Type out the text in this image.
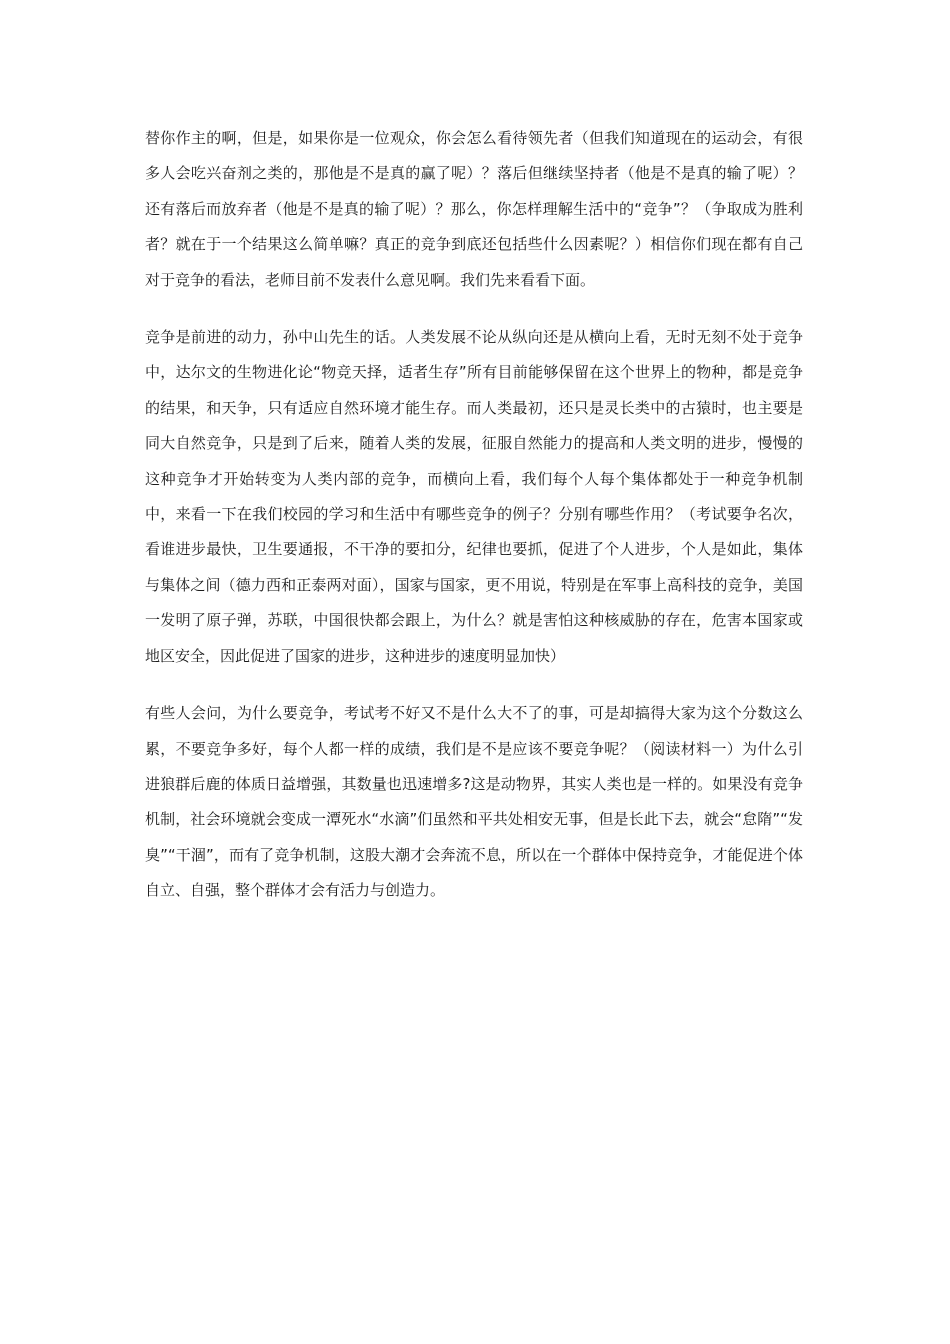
替你作主的啊，但是，如果你是一位观众，你会怎么看待领先者（但我们知道现在的运动会，有很多人会吃兴奋剂之类的，那他是不是真的赢了呢）？落后但继续坚持者（他是不是真的输了呢）？还有落后而放弃者（他是不是真的输了呢）？那么，你怎样理解生活中的“竞争”？（争取成为胜利者？就在于一个结果这么简单嘛？真正的竞争到底还包括些什么因素呢？）相信你们现在都有自己对于竞争的看法，老师目前不发表什么意见啊。我们先来看看下面。

竞争是前进的动力，孙中山先生的话。人类发展不论从纵向还是从横向上看，无时无刻不处于竞争中，达尔文的生物进化论“物竞天择，适者生存”所有目前能够保留在这个世界上的物种，都是竞争的结果，和天争，只有适应自然环境才能生存。而人类最初，还只是灵长类中的古猿时，也主要是同大自然竞争，只是到了后来，随着人类的发展，征服自然能力的提高和人类文明的进步，慢慢的这种竞争才开始转变为人类内部的竞争，而横向上看，我们每个人每个集体都处于一种竞争机制中，来看一下在我们校园的学习和生活中有哪些竞争的例子？分别有哪些作用？（考试要争名次，看谁进步最快，卫生要通报，不干净的要扣分，纪律也要抓，促进了个人进步，个人是如此，集体与集体之间（德力西和正泰两对面），国家与国家，更不用说，特别是在军事上高科技的竞争，美国一发明了原子弹，苏联，中国很快都会跟上，为什么？就是害怕这种核威胁的存在，危害本国家或地区安全，因此促进了国家的进步，这种进步的速度明显加快）

有些人会问，为什么要竞争，考试考不好又不是什么大不了的事，可是却搞得大家为这个分数这么累，不要竞争多好，每个人都一样的成绩，我们是不是应该不要竞争呢？（阅读材料一）为什么引进狼群后鹿的体质日益增强，其数量也迅速增多?这是动物界，其实人类也是一样的。如果没有竞争机制，社会环境就会变成一潭死水“水滴”们虽然和平共处相安无事，但是长此下去，就会“怠隋”“发臭”“干涸”，而有了竞争机制，这股大潮才会奔流不息，所以在一个群体中保持竞争，才能促进个体自立、自强，整个群体才会有活力与创造力。
